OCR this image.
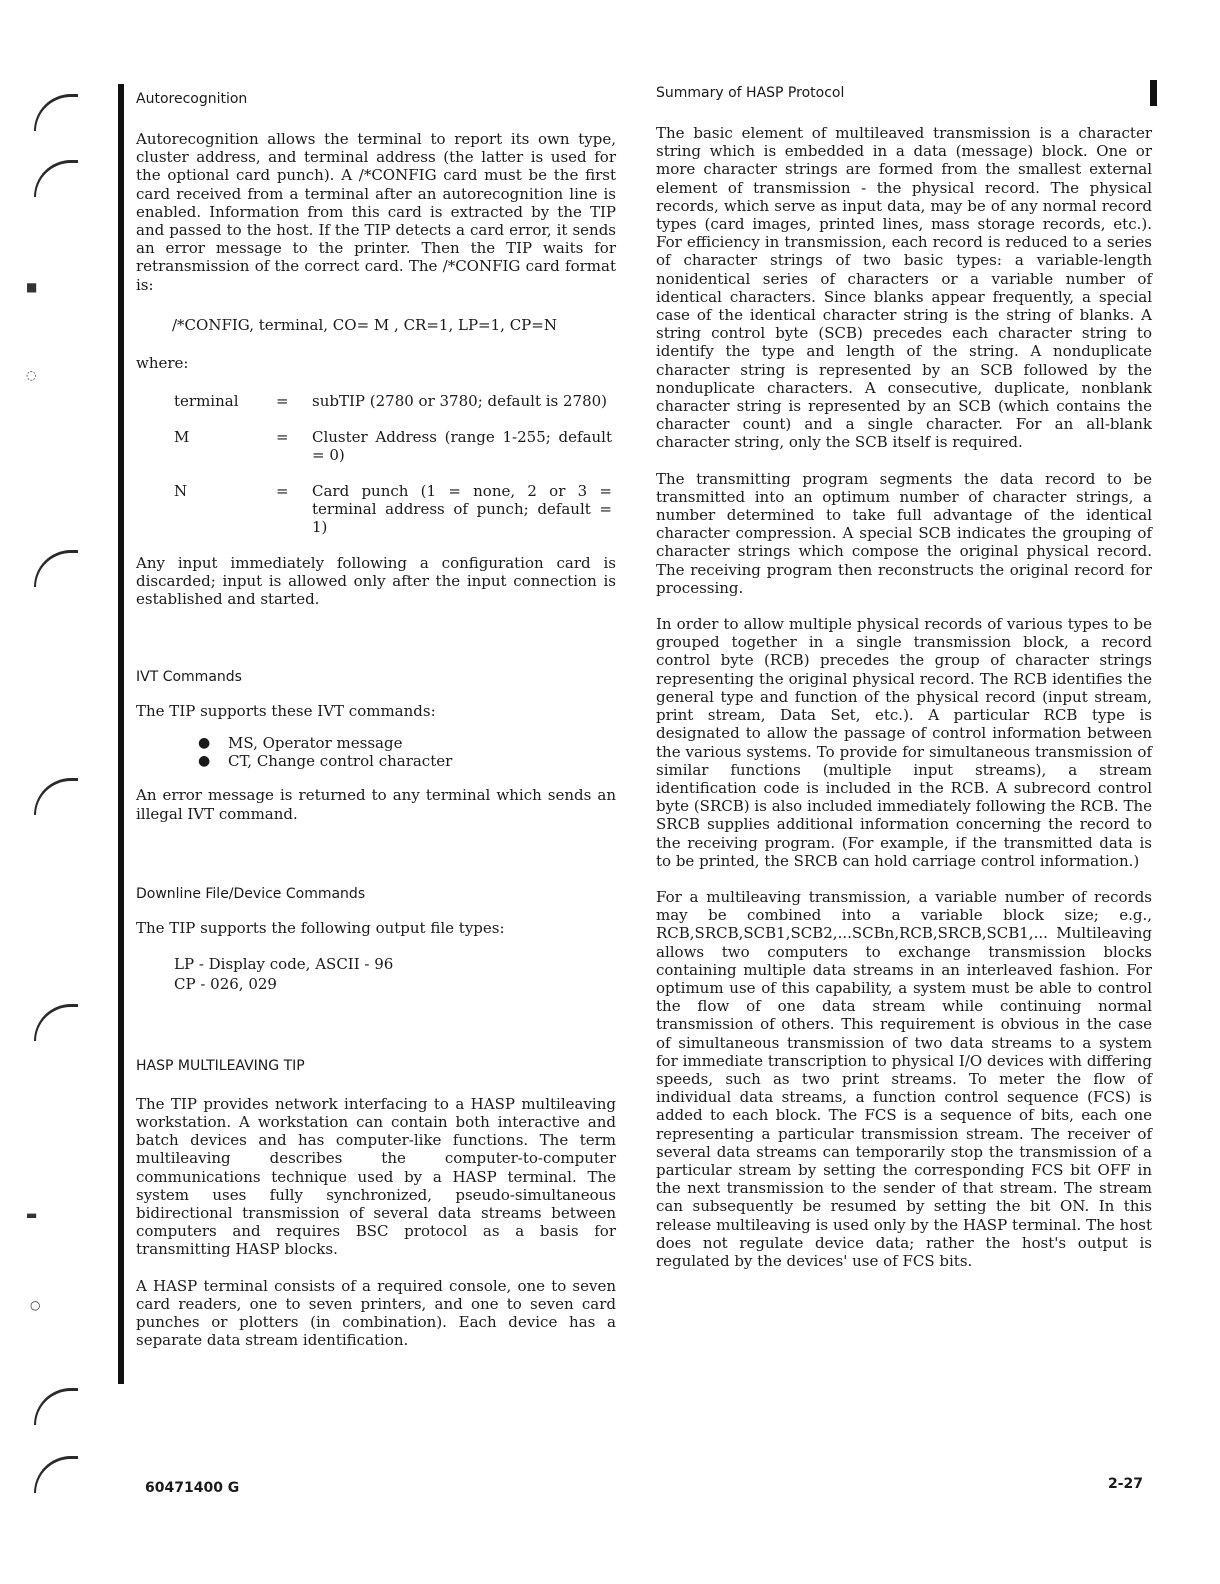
■
◌
▬
○
Autorecognition

Autorecognition allows the terminal to report its own type, cluster address, and terminal address (the latter is used for the optional card punch). A /*CONFIG card must be the first card received from a terminal after an autorecognition line is enabled. Information from this card is extracted by the TIP and passed to the host. If the TIP detects a card error, it sends an error message to the printer. Then the TIP waits for retransmission of the correct card. The /*CONFIG card format is:

/*CONFIG, terminal, CO= M , CR=1, LP=1, CP=N

where:

terminal	=	subTIP (2780 or 3780; default is 2780)
M	=	Cluster Address (range 1-255; default = 0)
N	=	Card punch (1 = none, 2 or 3 = terminal address of punch; default = 1)

Any input immediately following a configuration card is discarded; input is allowed only after the input connection is established and started.

IVT Commands

The TIP supports these IVT commands:

●	MS, Operator message
●	CT, Change control character

An error message is returned to any terminal which sends an illegal IVT command.

Downline File/Device Commands

The TIP supports the following output file types:

LP - Display code, ASCII - 96

CP - 026, 029

HASP MULTILEAVING TIP

The TIP provides network interfacing to a HASP multileaving workstation. A workstation can contain both interactive and batch devices and has computer-like functions. The term multileaving describes the computer-to-computer communications technique used by a HASP terminal. The system uses fully synchronized, pseudo-simultaneous bidirectional transmission of several data streams between computers and requires BSC protocol as a basis for transmitting HASP blocks.

A HASP terminal consists of a required console, one to seven card readers, one to seven printers, and one to seven card punches or plotters (in combination). Each device has a separate data stream identification.

Summary of HASP Protocol

The basic element of multileaved transmission is a character string which is embedded in a data (message) block. One or more character strings are formed from the smallest external element of transmission - the physical record. The physical records, which serve as input data, may be of any normal record types (card images, printed lines, mass storage records, etc.). For efficiency in transmission, each record is reduced to a series of character strings of two basic types: a variable-length nonidentical series of characters or a variable number of identical characters. Since blanks appear frequently, a special case of the identical character string is the string of blanks. A string control byte (SCB) precedes each character string to identify the type and length of the string. A nonduplicate character string is represented by an SCB followed by the nonduplicate characters. A consecutive, duplicate, nonblank character string is represented by an SCB (which contains the character count) and a single character. For an all-blank character string, only the SCB itself is required.

The transmitting program segments the data record to be transmitted into an optimum number of character strings, a number determined to take full advantage of the identical character compression. A special SCB indicates the grouping of character strings which compose the original physical record. The receiving program then reconstructs the original record for processing.

In order to allow multiple physical records of various types to be grouped together in a single transmission block, a record control byte (RCB) precedes the group of character strings representing the original physical record. The RCB identifies the general type and function of the physical record (input stream, print stream, Data Set, etc.). A particular RCB type is designated to allow the passage of control information between the various systems. To provide for simultaneous transmission of similar functions (multiple input streams), a stream identification code is included in the RCB. A subrecord control byte (SRCB) is also included immediately following the RCB. The SRCB supplies additional information concerning the record to the receiving program. (For example, if the transmitted data is to be printed, the SRCB can hold carriage control information.)

For a multileaving transmission, a variable number of records may be combined into a variable block size; e.g., RCB,SRCB,SCB1,SCB2,...SCBn,RCB,SRCB,SCB1,... Multileaving allows two computers to exchange transmission blocks containing multiple data streams in an interleaved fashion. For optimum use of this capability, a system must be able to control the flow of one data stream while continuing normal transmission of others. This requirement is obvious in the case of simultaneous transmission of two data streams to a system for immediate transcription to physical I/O devices with differing speeds, such as two print streams. To meter the flow of individual data streams, a function control sequence (FCS) is added to each block. The FCS is a sequence of bits, each one representing a particular transmission stream. The receiver of several data streams can temporarily stop the transmission of a particular stream by setting the corresponding FCS bit OFF in the next transmission to the sender of that stream. The stream can subsequently be resumed by setting the bit ON. In this release multileaving is used only by the HASP terminal. The host does not regulate device data; rather the host's output is regulated by the devices' use of FCS bits.

60471400 G	2-27
